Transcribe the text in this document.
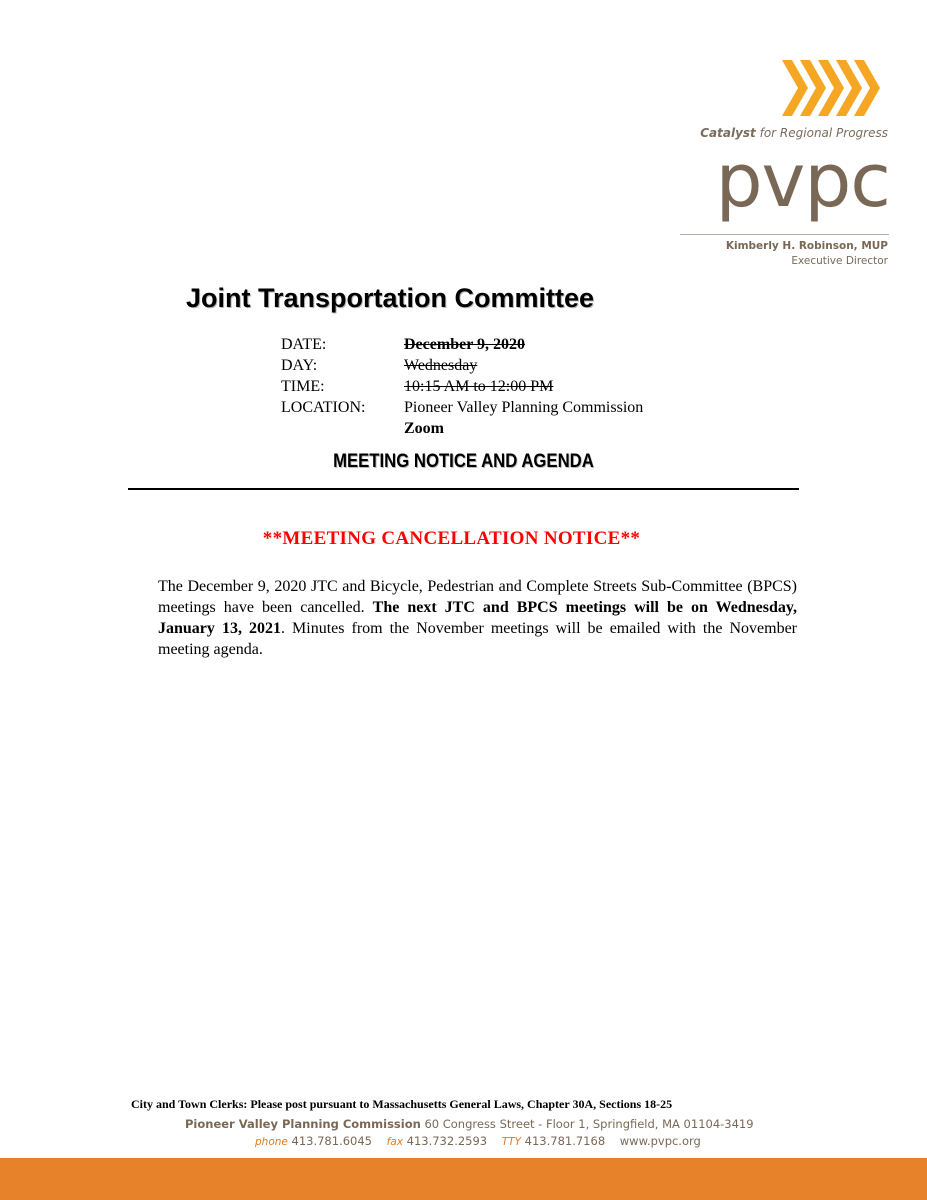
Catalyst for Regional Progress
pvpc
Kimberly H. Robinson, MUP
Executive Director
Joint Transportation Committee
DATE:	December 9, 2020
DAY:	Wednesday
TIME:	10:15 AM to 12:00 PM
LOCATION: Pioneer Valley Planning Commission
Zoom
MEETING NOTICE AND AGENDA
**MEETING CANCELLATION NOTICE**
The December 9, 2020 JTC and Bicycle, Pedestrian and Complete Streets Sub-Committee (BPCS) meetings have been cancelled. The next JTC and BPCS meetings will be on Wednesday, January 13, 2021. Minutes from the November meetings will be emailed with the November meeting agenda.
City and Town Clerks: Please post pursuant to Massachusetts General Laws, Chapter 30A, Sections 18-25
Pioneer Valley Planning Commission 60 Congress Street - Floor 1, Springfield, MA 01104-3419
phone 413.781.6045 fax 413.732.2593 TTY 413.781.7168 www.pvpc.org
